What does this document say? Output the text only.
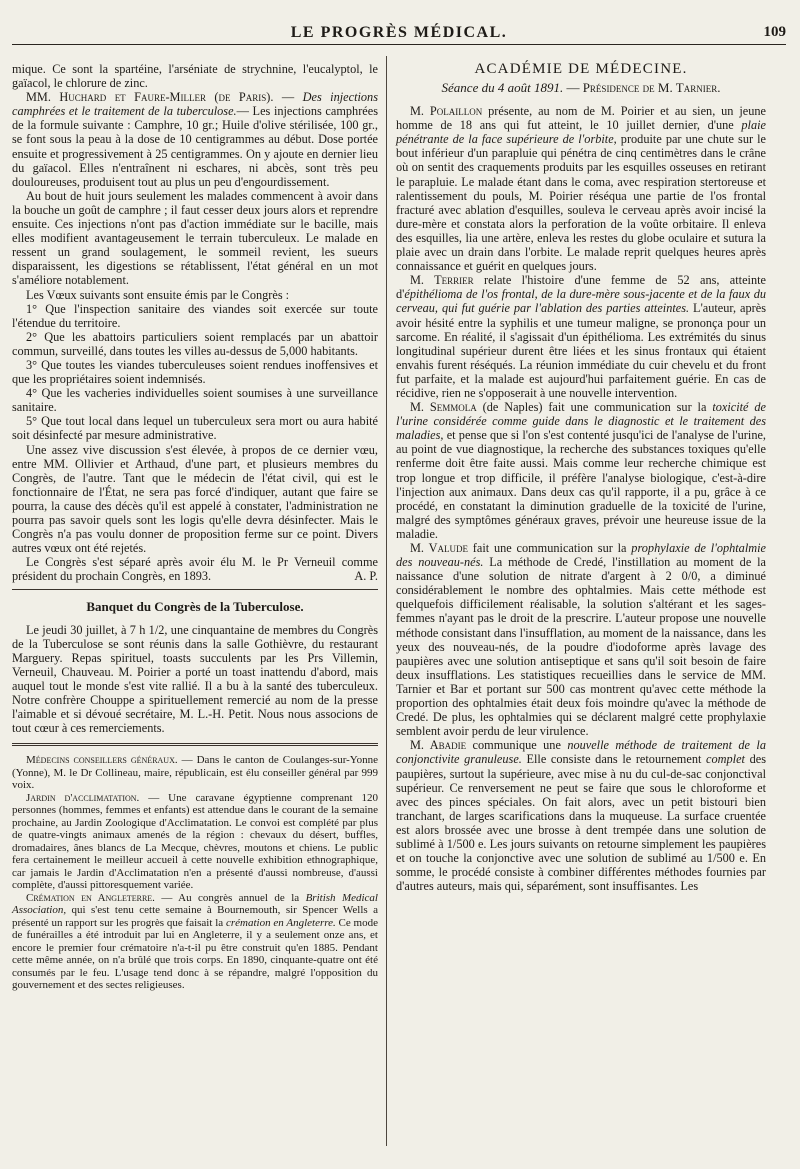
LE PROGRÈS MÉDICAL.	109

mique. Ce sont la spartéine, l'arséniate de strychnine, l'eucalyptol, le gaïacol, le chlorure de zinc.

MM. Huchard et Faure-Miller (de Paris). — Des injections camphrées et le traitement de la tuberculose.— Les injections camphrées de la formule suivante : Camphre, 10 gr.; Huile d'olive stérilisée, 100 gr., se font sous la peau à la dose de 10 centigrammes au début. Dose portée ensuite et progressivement à 25 centigrammes. On y ajoute en dernier lieu du gaïacol. Elles n'entraînent ni eschares, ni abcès, sont très peu douloureuses, produisent tout au plus un peu d'engourdissement.

Au bout de huit jours seulement les malades commencent à avoir dans la bouche un goût de camphre ; il faut cesser deux jours alors et reprendre ensuite. Ces injections n'ont pas d'action immédiate sur le bacille, mais elles modifient avantageusement le terrain tuberculeux. Le malade en ressent un grand soulagement, le sommeil revient, les sueurs disparaissent, les digestions se rétablissent, l'état général en un mot s'améliore notablement.

Les Vœux suivants sont ensuite émis par le Congrès :

1° Que l'inspection sanitaire des viandes soit exercée sur toute l'étendue du territoire.

2° Que les abattoirs particuliers soient remplacés par un abattoir commun, surveillé, dans toutes les villes au-dessus de 5,000 habitants.

3° Que toutes les viandes tuberculeuses soient rendues inoffensives et que les propriétaires soient indemnisés.

4° Que les vacheries individuelles soient soumises à une surveillance sanitaire.

5° Que tout local dans lequel un tuberculeux sera mort ou aura habité soit désinfecté par mesure administrative.

Une assez vive discussion s'est élevée, à propos de ce dernier vœu, entre MM. Ollivier et Arthaud, d'une part, et plusieurs membres du Congrès, de l'autre. Tant que le médecin de l'état civil, qui est le fonctionnaire de l'État, ne sera pas forcé d'indiquer, autant que faire se pourra, la cause des décès qu'il est appelé à constater, l'administration ne pourra pas savoir quels sont les logis qu'elle devra désinfecter. Mais le Congrès n'a pas voulu donner de proposition ferme sur ce point. Divers autres vœux ont été rejetés.

Le Congrès s'est séparé après avoir élu M. le Pr Verneuil comme président du prochain Congrès, en 1893.	A. P.

Banquet du Congrès de la Tuberculose.

Le jeudi 30 juillet, à 7 h 1/2, une cinquantaine de membres du Congrès de la Tuberculose se sont réunis dans la salle Gothièvre, du restaurant Marguery. Repas spirituel, toasts succulents par les Prs Villemin, Verneuil, Chauveau. M. Poirier a porté un toast inattendu d'abord, mais auquel tout le monde s'est vite rallié. Il a bu à la santé des tuberculeux. Notre confrère Chouppe a spirituellement remercié au nom de la presse l'aimable et si dévoué secrétaire, M. L.-H. Petit. Nous nous associons de tout cœur à ces remerciements.

Médecins conseillers généraux. — Dans le canton de Coulanges-sur-Yonne (Yonne), M. le Dr Collineau, maire, républicain, est élu conseiller général par 999 voix.

Jardin d'acclimatation. — Une caravane égyptienne comprenant 120 personnes (hommes, femmes et enfants) est attendue dans le courant de la semaine prochaine, au Jardin Zoologique d'Acclimatation. Le convoi est complété par plus de quatre-vingts animaux amenés de la région : chevaux du désert, buffles, dromadaires, ânes blancs de La Mecque, chèvres, moutons et chiens. Le public fera certainement le meilleur accueil à cette nouvelle exhibition ethnographique, car jamais le Jardin d'Acclimatation n'en a présenté d'aussi nombreuse, d'aussi complète, d'aussi pittoresquement variée.

Crémation en Angleterre. — Au congrès annuel de la British Medical Association, qui s'est tenu cette semaine à Bournemouth, sir Spencer Wells a présenté un rapport sur les progrès que faisait la crémation en Angleterre. Ce mode de funérailles a été introduit par lui en Angleterre, il y a seulement onze ans, et encore le premier four crématoire n'a-t-il pu être construit qu'en 1885. Pendant cette même année, on n'a brûlé que trois corps. En 1890, cinquante-quatre ont été consumés par le feu. L'usage tend donc à se répandre, malgré l'opposition du gouvernement et des sectes religieuses.

ACADÉMIE DE MÉDECINE.
Séance du 4 août 1891. — Présidence de M. Tarnier.

M. Polaillon présente, au nom de M. Poirier et au sien, un jeune homme de 18 ans qui fut atteint, le 10 juillet dernier, d'une plaie pénétrante de la face supérieure de l'orbite, produite par une chute sur le bout inférieur d'un parapluie qui pénétra de cinq centimètres dans le crâne où on sentit des craquements produits par les esquilles osseuses en retirant le parapluie. Le malade étant dans le coma, avec respiration stertoreuse et ralentissement du pouls, M. Poirier réséqua une partie de l'os frontal fracturé avec ablation d'esquilles, souleva le cerveau après avoir incisé la dure-mère et constata alors la perforation de la voûte orbitaire. Il enleva des esquilles, lia une artère, enleva les restes du globe oculaire et sutura la plaie avec un drain dans l'orbite. Le malade reprit quelques heures après connaissance et guérit en quelques jours.

M. Terrier relate l'histoire d'une femme de 52 ans, atteinte d'épithélioma de l'os frontal, de la dure-mère sous-jacente et de la faux du cerveau, qui fut guérie par l'ablation des parties atteintes. L'auteur, après avoir hésité entre la syphilis et une tumeur maligne, se prononça pour un sarcome. En réalité, il s'agissait d'un épithélioma. Les extrémités du sinus longitudinal supérieur durent être liées et les sinus frontaux qui étaient envahis furent réséqués. La réunion immédiate du cuir chevelu et du front fut parfaite, et la malade est aujourd'hui parfaitement guérie. En cas de récidive, rien ne s'opposerait à une nouvelle intervention.

M. Semmola (de Naples) fait une communication sur la toxicité de l'urine considérée comme guide dans le diagnostic et le traitement des maladies, et pense que si l'on s'est contenté jusqu'ici de l'analyse de l'urine, au point de vue diagnostique, la recherche des substances toxiques qu'elle renferme doit être faite aussi. Mais comme leur recherche chimique est trop longue et trop difficile, il préfère l'analyse biologique, c'est-à-dire l'injection aux animaux. Dans deux cas qu'il rapporte, il a pu, grâce à ce procédé, en constatant la diminution graduelle de la toxicité de l'urine, malgré des symptômes généraux graves, prévoir une heureuse issue de la maladie.

M. Valude fait une communication sur la prophylaxie de l'ophtalmie des nouveau-nés. La méthode de Credé, l'instillation au moment de la naissance d'une solution de nitrate d'argent à 2 0/0, a diminué considérablement le nombre des ophtalmies. Mais cette méthode est quelquefois difficilement réalisable, la solution s'altérant et les sages-femmes n'ayant pas le droit de la prescrire. L'auteur propose une nouvelle méthode consistant dans l'insufflation, au moment de la naissance, dans les yeux des nouveau-nés, de la poudre d'iodoforme après lavage des paupières avec une solution antiseptique et sans qu'il soit besoin de faire deux insufflations. Les statistiques recueillies dans le service de MM. Tarnier et Bar et portant sur 500 cas montrent qu'avec cette méthode la proportion des ophtalmies était deux fois moindre qu'avec la méthode de Credé. De plus, les ophtalmies qui se déclarent malgré cette prophylaxie semblent avoir perdu de leur virulence.

M. Abadie communique une nouvelle méthode de traitement de la conjonctivite granuleuse. Elle consiste dans le retournement complet des paupières, surtout la supérieure, avec mise à nu du cul-de-sac conjonctival supérieur. Ce renversement ne peut se faire que sous le chloroforme et avec des pinces spéciales. On fait alors, avec un petit bistouri bien tranchant, de larges scarifications dans la muqueuse. La surface cruentée est alors brossée avec une brosse à dent trempée dans une solution de sublimé à 1/500 e. Les jours suivants on retourne simplement les paupières et on touche la conjonctive avec une solution de sublimé au 1/500 e. En somme, le procédé consiste à combiner différentes méthodes fournies par d'autres auteurs, mais qui, séparément, sont insuffisantes. Les
